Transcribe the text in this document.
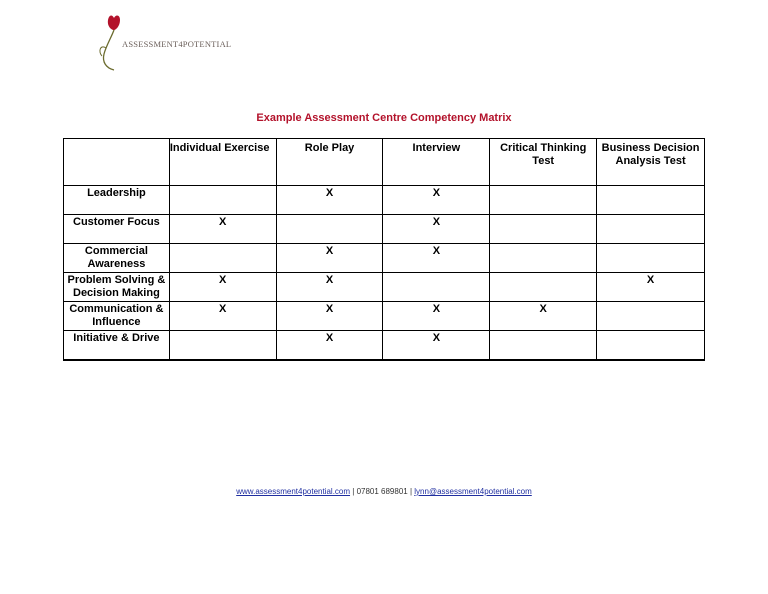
ASSESSMENT4POTENTIAL
Example Assessment Centre Competency Matrix
	Individual Exercise	Role Play	Interview	Critical Thinking Test	Business Decision Analysis Test
Leadership		X	X		
Customer Focus	X		X		
Commercial Awareness		X	X		
Problem Solving & Decision Making	X	X			X
Communication & Influence	X	X	X	X	
Initiative & Drive		X	X		
www.assessment4potential.com | 07801 689801 | lynn@assessment4potential.com
